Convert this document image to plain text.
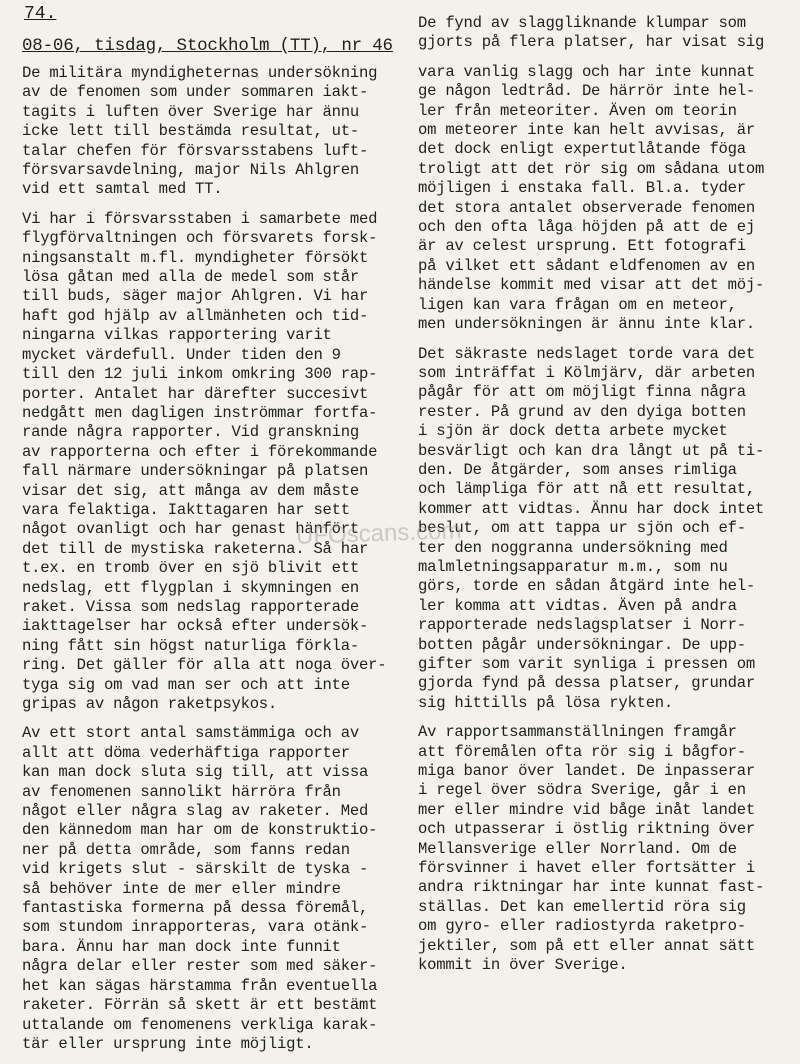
74.
08-06, tisdag, Stockholm (TT), nr 46
De militära myndigheternas undersökning
av de fenomen som under sommaren iakt-
tagits i luften över Sverige har ännu
icke lett till bestämda resultat, ut-
talar chefen för försvarsstabens luft-
försvarsavdelning, major Nils Ahlgren
vid ett samtal med TT.
Vi har i försvarsstaben i samarbete med
flygförvaltningen och försvarets forsk-
ningsanstalt m.fl. myndigheter försökt
lösa gåtan med alla de medel som står
till buds, säger major Ahlgren. Vi har
haft god hjälp av allmänheten och tid-
ningarna vilkas rapportering varit
mycket värdefull. Under tiden den 9
till den 12 juli inkom omkring 300 rap-
porter. Antalet har därefter succesivt
nedgått men dagligen inströmmar fortfa-
rande några rapporter. Vid granskning
av rapporterna och efter i förekommande
fall närmare undersökningar på platsen
visar det sig, att många av dem måste
vara felaktiga. Iakttagaren har sett
något ovanligt och har genast hänfört
det till de mystiska raketerna. Så har
t.ex. en tromb över en sjö blivit ett
nedslag, ett flygplan i skymningen en
raket. Vissa som nedslag rapporterade
iakttagelser har också efter undersök-
ning fått sin högst naturliga förkla-
ring. Det gäller för alla att noga över-
tyga sig om vad man ser och att inte
gripas av någon raketpsykos.
Av ett stort antal samstämmiga och av
allt att döma vederhäftiga rapporter
kan man dock sluta sig till, att vissa
av fenomenen sannolikt härröra från
något eller några slag av raketer. Med
den kännedom man har om de konstruktio-
ner på detta område, som fanns redan
vid krigets slut - särskilt de tyska -
så behöver inte de mer eller mindre
fantastiska formerna på dessa föremål,
som stundom inrapporteras, vara otänk-
bara. Ännu har man dock inte funnit
några delar eller rester som med säker-
het kan sägas härstamma från eventuella
raketer. Förrän så skett är ett bestämt
uttalande om fenomenens verkliga karak-
tär eller ursprung inte möjligt.
De fynd av slaggliknande klumpar som
gjorts på flera platser, har visat sig
vara vanlig slagg och har inte kunnat
ge någon ledtråd. De härrör inte hel-
ler från meteoriter. Även om teorin
om meteorer inte kan helt avvisas, är
det dock enligt expertutlåtande föga
troligt att det rör sig om sådana utom
möjligen i enstaka fall. Bl.a. tyder
det stora antalet observerade fenomen
och den ofta låga höjden på att de ej
är av celest ursprung. Ett fotografi
på vilket ett sådant eldfenomen av en
händelse kommit med visar att det möj-
ligen kan vara frågan om en meteor,
men undersökningen är ännu inte klar.
Det säkraste nedslaget torde vara det
som inträffat i Kölmjärv, där arbeten
pågår för att om möjligt finna några
rester. På grund av den dyiga botten
i sjön är dock detta arbete mycket
besvärligt och kan dra långt ut på ti-
den. De åtgärder, som anses rimliga
och lämpliga för att nå ett resultat,
kommer att vidtas. Ännu har dock intet
beslut, om att tappa ur sjön och ef-
ter den noggranna undersökning med
malmletningsapparatur m.m., som nu
görs, torde en sådan åtgärd inte hel-
ler komma att vidtas. Även på andra
rapporterade nedslagsplatser i Norr-
botten pågår undersökningar. De upp-
gifter som varit synliga i pressen om
gjorda fynd på dessa platser, grundar
sig hittills på lösa rykten.
Av rapportsammanställningen framgår
att föremålen ofta rör sig i bågfor-
miga banor över landet. De inpasserar
i regel över södra Sverige, går i en
mer eller mindre vid båge inåt landet
och utpasserar i östlig riktning över
Mellansverige eller Norrland. Om de
försvinner i havet eller fortsätter i
andra riktningar har inte kunnat fast-
ställas. Det kan emellertid röra sig
om gyro- eller radiostyrda raketpro-
jektiler, som på ett eller annat sätt
kommit in över Sverige.
UFOscans.com
